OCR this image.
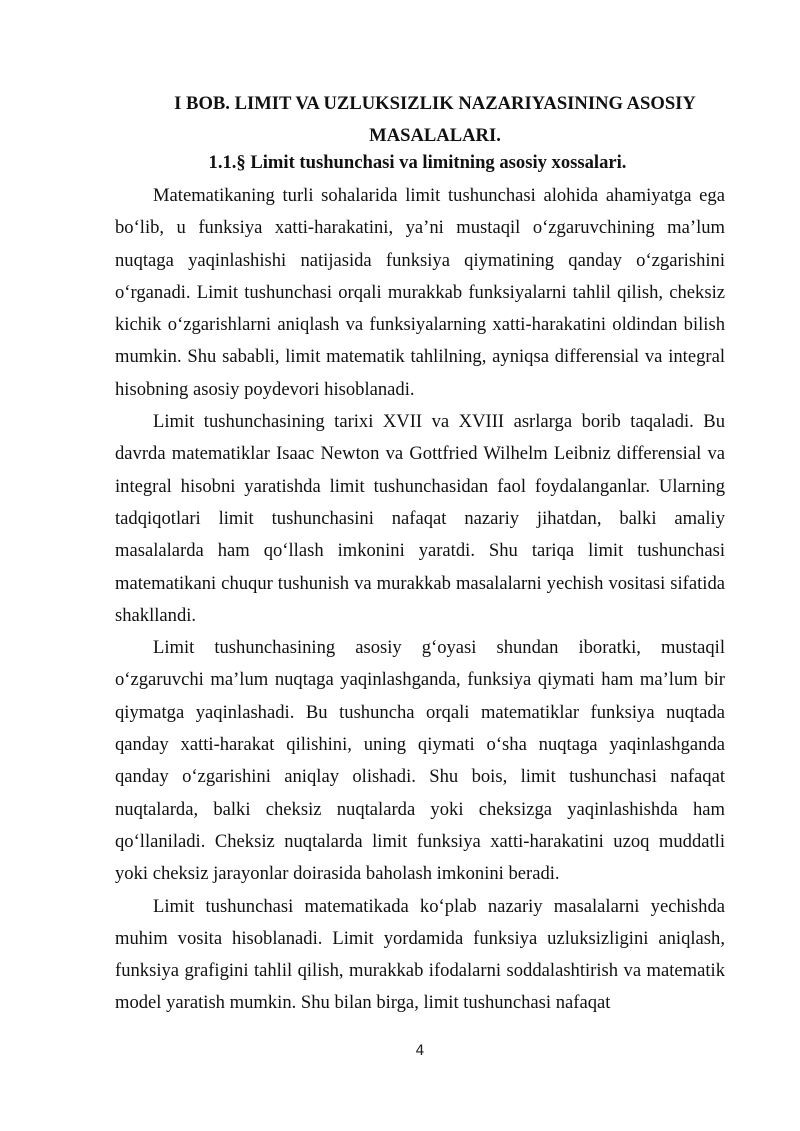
I BOB. LIMIT VA UZLUKSIZLIK NAZARIYASINING ASOSIY MASALALARI.
1.1.§ Limit tushunchasi va limitning asosiy xossalari.

Matematikaning turli sohalarida limit tushunchasi alohida ahamiyatga ega bo‘lib, u funksiya xatti-harakatini, ya’ni mustaqil o‘zgaruvchining ma’lum nuqtaga yaqinlashishi natijasida funksiya qiymatining qanday o‘zgarishini o‘rganadi. Limit tushunchasi orqali murakkab funksiyalarni tahlil qilish, cheksiz kichik o‘zgarishlarni aniqlash va funksiyalarning xatti-harakatini oldindan bilish mumkin. Shu sababli, limit matematik tahlilning, ayniqsa differensial va integral hisobning asosiy poydevori hisoblanadi.

Limit tushunchasining tarixi XVII va XVIII asrlarga borib taqaladi. Bu davrda matematiklar Isaac Newton va Gottfried Wilhelm Leibniz differensial va integral hisobni yaratishda limit tushunchasidan faol foydalanganlar. Ularning tadqiqotlari limit tushunchasini nafaqat nazariy jihatdan, balki amaliy masalalarda ham qo‘llash imkonini yaratdi. Shu tariqa limit tushunchasi matematikani chuqur tushunish va murakkab masalalarni yechish vositasi sifatida shakllandi.

Limit tushunchasining asosiy g‘oyasi shundan iboratki, mustaqil o‘zgaruvchi ma’lum nuqtaga yaqinlashganda, funksiya qiymati ham ma’lum bir qiymatga yaqinlashadi. Bu tushuncha orqali matematiklar funksiya nuqtada qanday xatti-harakat qilishini, uning qiymati o‘sha nuqtaga yaqinlashganda qanday o‘zgarishini aniqlay olishadi. Shu bois, limit tushunchasi nafaqat nuqtalarda, balki cheksiz nuqtalarda yoki cheksizga yaqinlashishda ham qo‘llaniladi. Cheksiz nuqtalarda limit funksiya xatti-harakatini uzoq muddatli yoki cheksiz jarayonlar doirasida baholash imkonini beradi.

Limit tushunchasi matematikada ko‘plab nazariy masalalarni yechishda muhim vosita hisoblanadi. Limit yordamida funksiya uzluksizligini aniqlash, funksiya grafigini tahlil qilish, murakkab ifodalarni soddalashtirish va matematik model yaratish mumkin. Shu bilan birga, limit tushunchasi nafaqat

4
